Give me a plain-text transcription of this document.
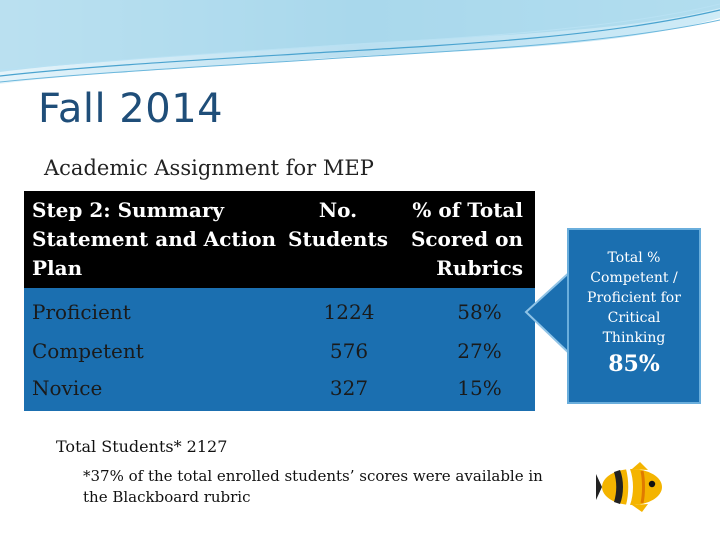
Fall 2014
Academic Assignment for MEP
Step 2: Summary Statement and Action Plan	No. Students	% of Total Scored on Rubrics
Proficient	1224	58%
Competent	576	27%
Novice	327	15%
Total % Competent / Proficient for Critical Thinking
85%
Total Students* 2127
*37% of the total enrolled students’ scores were available in the Blackboard rubric
